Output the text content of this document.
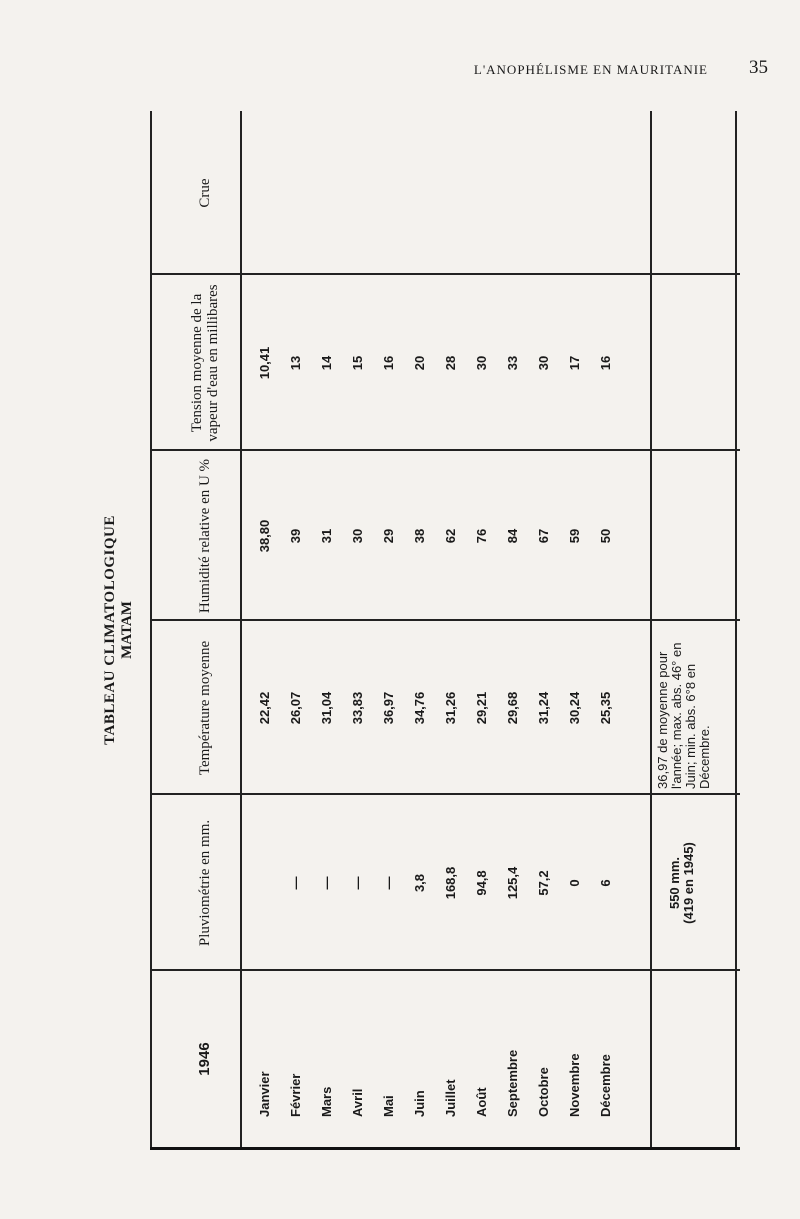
L'ANOPHÉLISME EN MAURITANIE 35
TABLEAU CLIMATOLOGIQUE MATAM
1946
Pluviométrie en mm.
Température moyenne
Humidité relative en U %
Tension moyenne de la vapeur d'eau en millibares
Crue
Janvier
22,42
38,80
10,41
Février
—
26,07
39
13
Mars
—
31,04
31
14
Avril
—
33,83
30
15
Mai
—
36,97
29
16
Juin
3,8
34,76
38
20
Juillet
168,8
31,26
62
28
Août
94,8
29,21
76
30
Septembre
125,4
29,68
84
33
Octobre
57,2
31,24
67
30
Novembre
0
30,24
59
17
Décembre
6
25,35
50
16
550 mm. (419 en 1945)
36,97 de moyenne pour l'année; max. abs. 46° en Juin; min. abs. 6°8 en Décembre.
